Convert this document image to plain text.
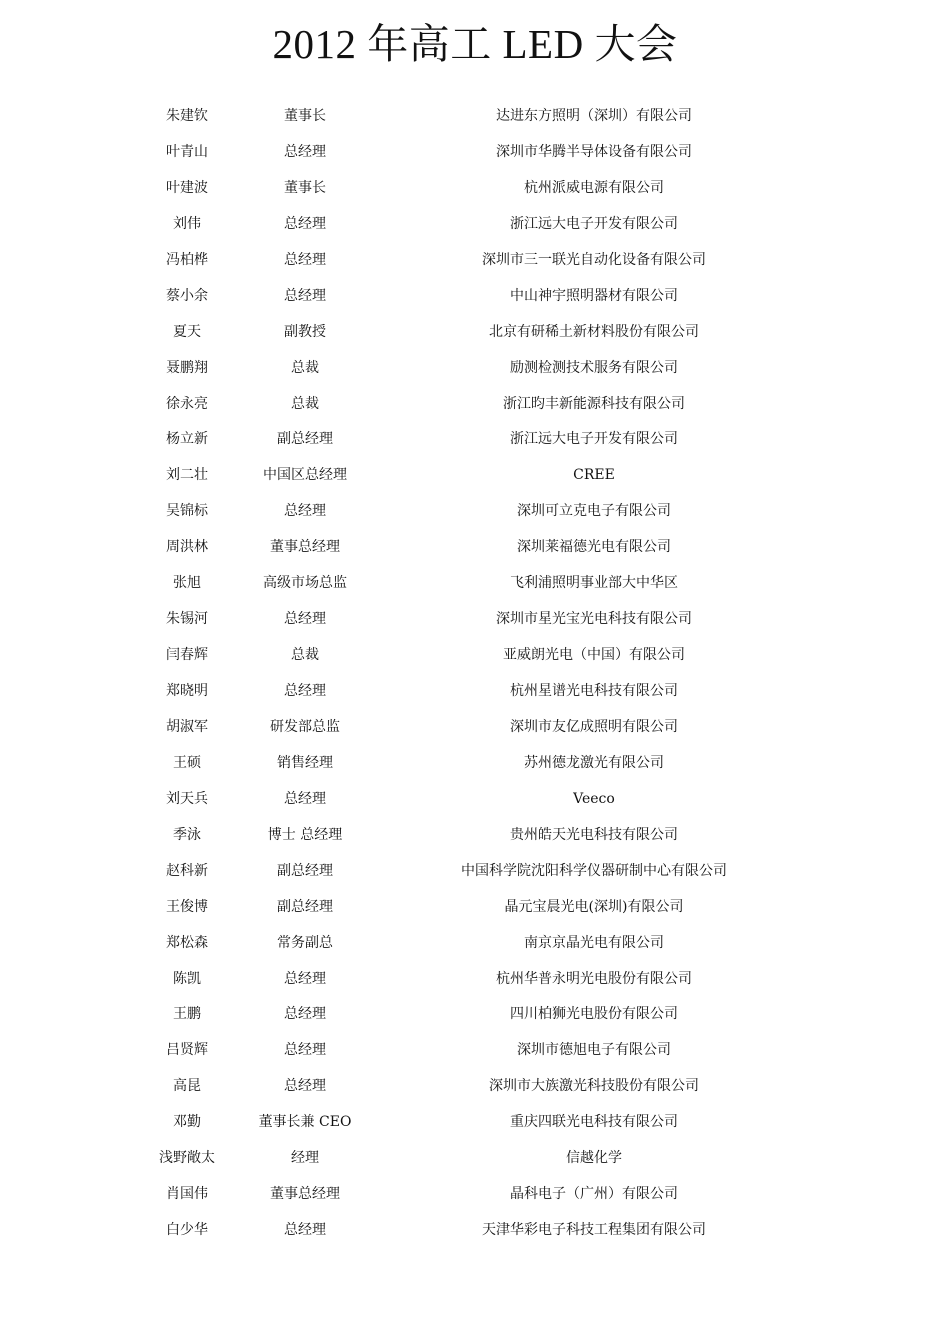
2012 年高工 LED 大会
朱建钦	董事长	达进东方照明（深圳）有限公司
叶青山	总经理	深圳市华腾半导体设备有限公司
叶建波	董事长	杭州派威电源有限公司
刘伟	总经理	浙江远大电子开发有限公司
冯柏桦	总经理	深圳市三一联光自动化设备有限公司
蔡小余	总经理	中山神宇照明器材有限公司
夏天	副教授	北京有研稀土新材料股份有限公司
聂鹏翔	总裁	励测检测技术服务有限公司
徐永亮	总裁	浙江昀丰新能源科技有限公司
杨立新	副总经理	浙江远大电子开发有限公司
刘二壮	中国区总经理	CREE
吴锦标	总经理	深圳可立克电子有限公司
周洪林	董事总经理	深圳莱福德光电有限公司
张旭	高级市场总监	飞利浦照明事业部大中华区
朱锡河	总经理	深圳市星光宝光电科技有限公司
闫春辉	总裁	亚威朗光电（中国）有限公司
郑晓明	总经理	杭州星谱光电科技有限公司
胡淑军	研发部总监	深圳市友亿成照明有限公司
王硕	销售经理	苏州德龙激光有限公司
刘天兵	总经理	Veeco
季泳	博士 总经理	贵州皓天光电科技有限公司
赵科新	副总经理	中国科学院沈阳科学仪器研制中心有限公司
王俊博	副总经理	晶元宝晨光电(深圳)有限公司
郑松森	常务副总	南京京晶光电有限公司
陈凯	总经理	杭州华普永明光电股份有限公司
王鹏	总经理	四川柏狮光电股份有限公司
吕贤辉	总经理	深圳市德旭电子有限公司
高昆	总经理	深圳市大族激光科技股份有限公司
邓勤	董事长兼 CEO	重庆四联光电科技有限公司
浅野敞太	经理	信越化学
肖国伟	董事总经理	晶科电子（广州）有限公司
白少华	总经理	天津华彩电子科技工程集团有限公司
